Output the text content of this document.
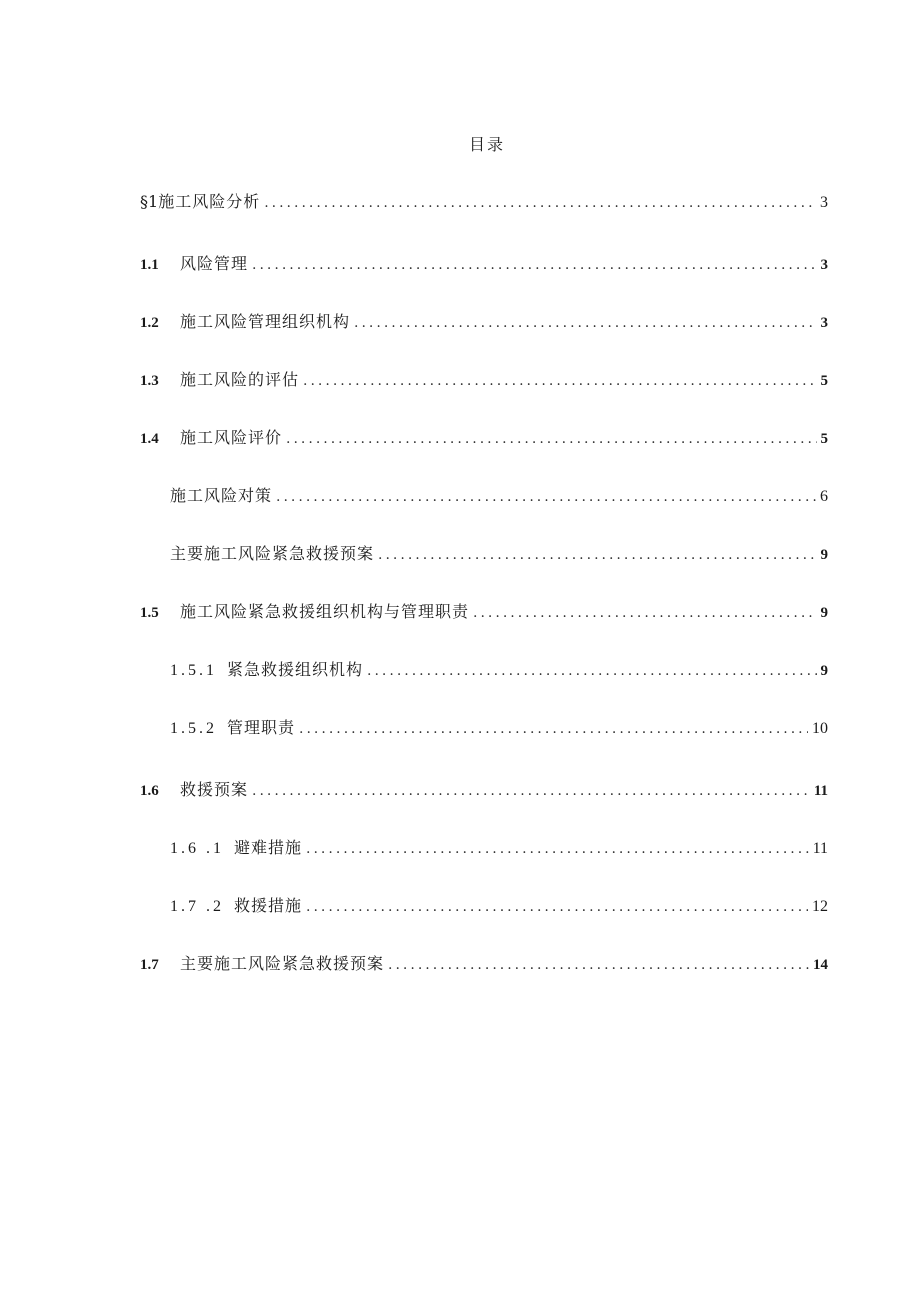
目录
§1 施工风险分析 .....	3
1.1	风险管理 .....	3
1.2	施工风险管理组织机构 .....	3
1.3	施工风险的评估 .....	5
1.4	施工风险评价 .....	5
施工风险对策 .....	6
主要施工风险紧急救援预案 .....	9
1.5	施工风险紧急救援组织机构与管理职责 .....	9
1.5.1 紧急救援组织机构 .....	9
1.5.2 管理职责 .....	10
1.6	救援预案 .....	11
1.6 .1 避难措施 .....	11
1.7 .2 救援措施 .....	12
1.7	主要施工风险紧急救援预案 .....	14
